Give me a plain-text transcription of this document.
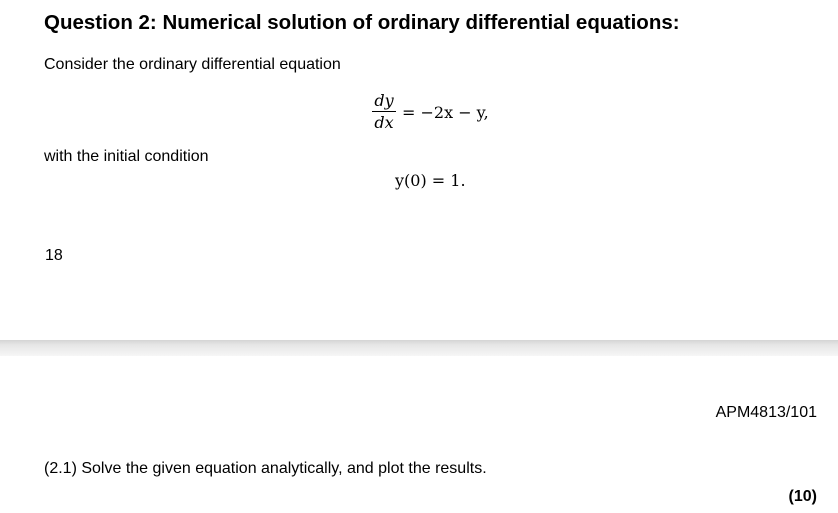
Question 2: Numerical solution of ordinary differential equations:
Consider the ordinary differential equation
dy
dx
= −2x − y,
with the initial condition
y(0) = 1.
18
APM4813/101
(2.1) Solve the given equation analytically, and plot the results.
(10)
